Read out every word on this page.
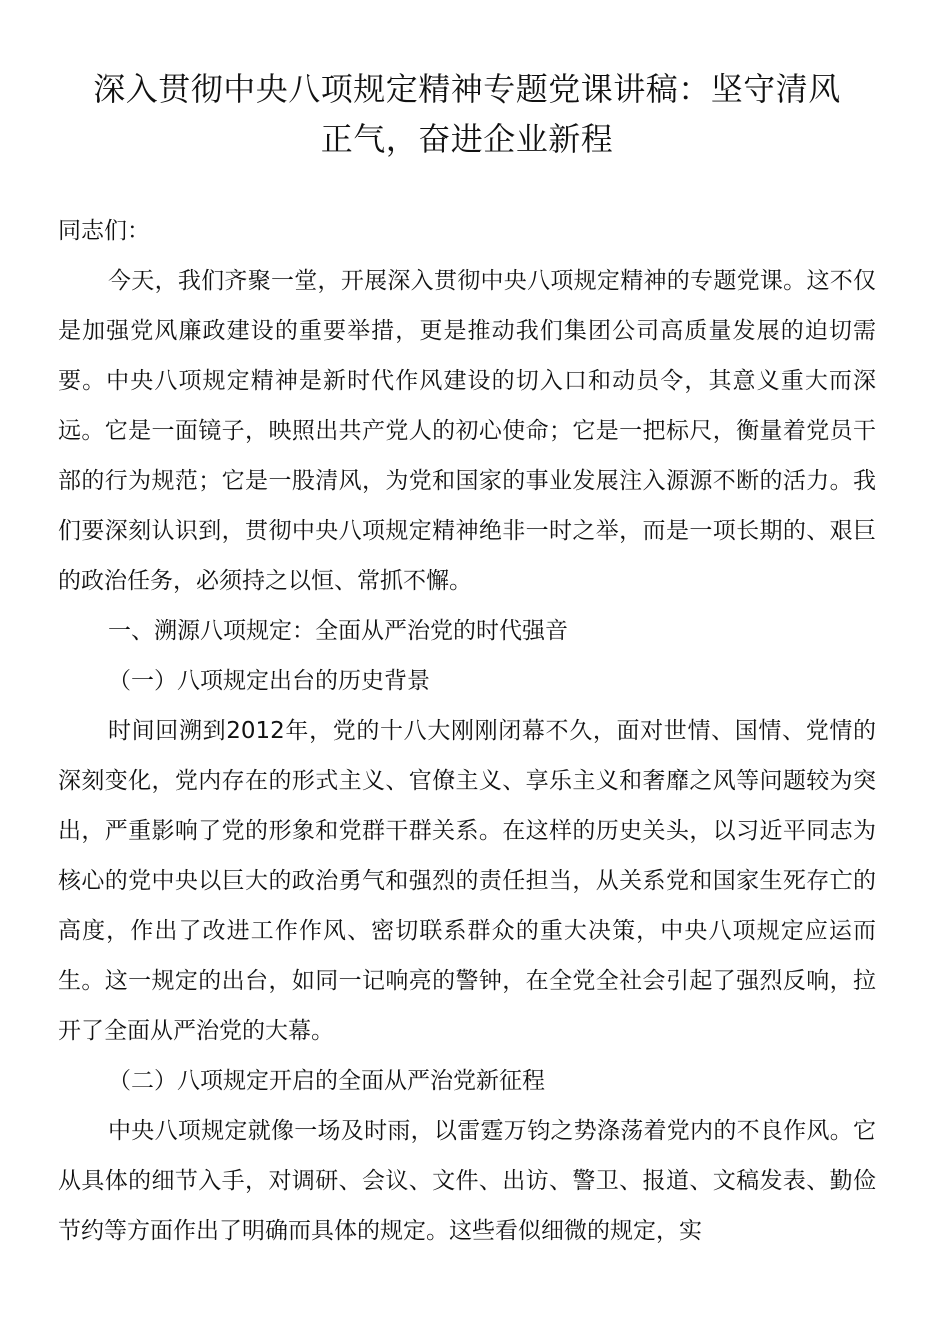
深入贯彻中央八项规定精神专题党课讲稿：坚守清风
正气，奋进企业新程

同志们：

今天，我们齐聚一堂，开展深入贯彻中央八项规定精神的专题党课。这不仅是加强党风廉政建设的重要举措，更是推动我们集团公司高质量发展的迫切需要。中央八项规定精神是新时代作风建设的切入口和动员令，其意义重大而深远。它是一面镜子，映照出共产党人的初心使命；它是一把标尺，衡量着党员干部的行为规范；它是一股清风，为党和国家的事业发展注入源源不断的活力。我们要深刻认识到，贯彻中央八项规定精神绝非一时之举，而是一项长期的、艰巨的政治任务，必须持之以恒、常抓不懈。

一、溯源八项规定：全面从严治党的时代强音

（一）八项规定出台的历史背景

时间回溯到2012年，党的十八大刚刚闭幕不久，面对世情、国情、党情的深刻变化，党内存在的形式主义、官僚主义、享乐主义和奢靡之风等问题较为突出，严重影响了党的形象和党群干群关系。在这样的历史关头，以习近平同志为核心的党中央以巨大的政治勇气和强烈的责任担当，从关系党和国家生死存亡的高度，作出了改进工作作风、密切联系群众的重大决策，中央八项规定应运而生。这一规定的出台，如同一记响亮的警钟，在全党全社会引起了强烈反响，拉开了全面从严治党的大幕。

（二）八项规定开启的全面从严治党新征程

中央八项规定就像一场及时雨，以雷霆万钧之势涤荡着党内的不良作风。它从具体的细节入手，对调研、会议、文件、出访、警卫、报道、文稿发表、勤俭节约等方面作出了明确而具体的规定。这些看似细微的规定，实
